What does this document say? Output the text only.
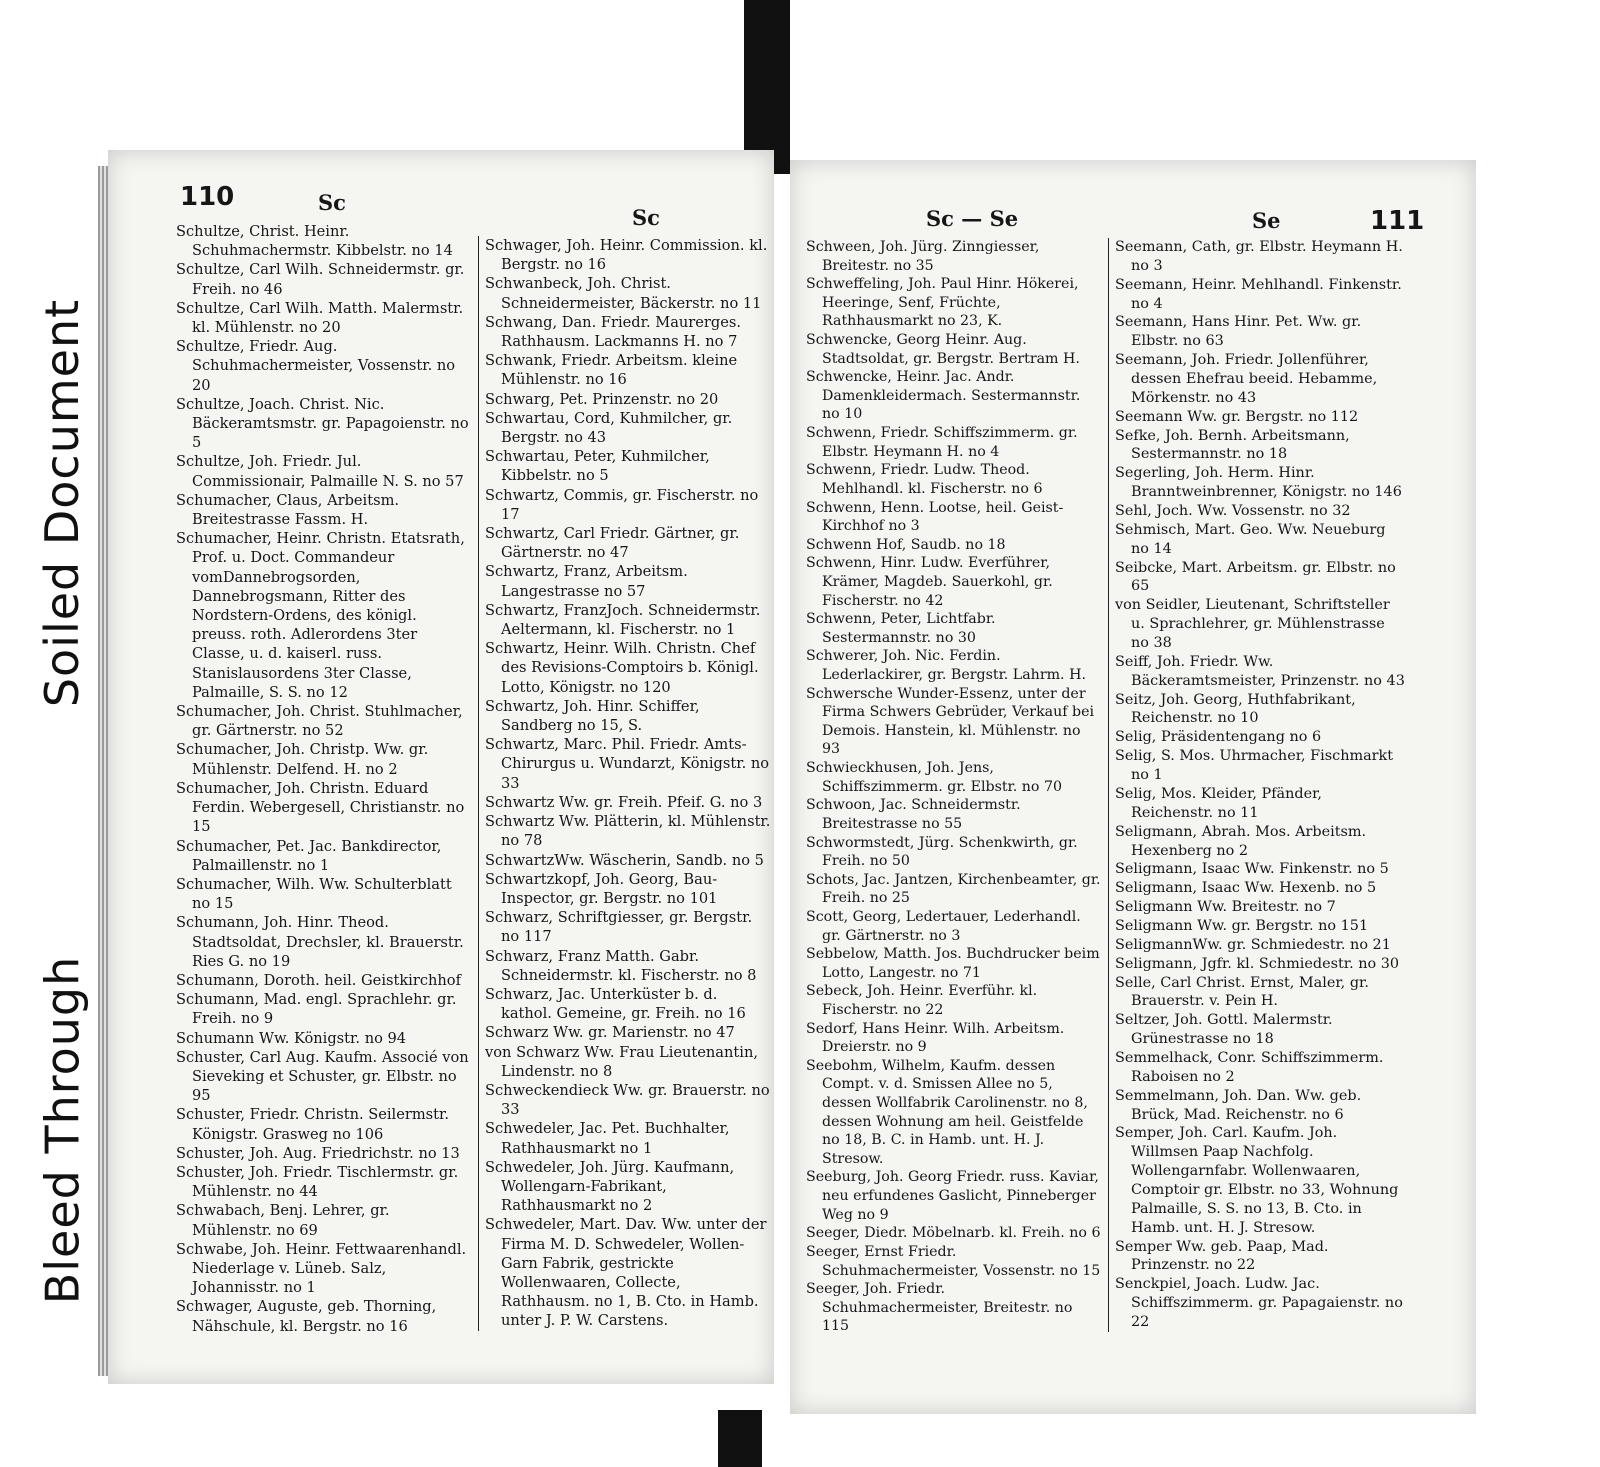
Soiled Document
Bleed Through
110	Sc
Sc

Schultze, Christ. Heinr. Schuhmachermstr. Kibbelstr. no 14

Schultze, Carl Wilh. Schneidermstr. gr. Freih. no 46

Schultze, Carl Wilh. Matth. Malermstr. kl. Mühlenstr. no 20

Schultze, Friedr. Aug. Schuhmachermeister, Vossenstr. no 20

Schultze, Joach. Christ. Nic. Bäckeramtsmstr. gr. Papagoienstr. no 5

Schultze, Joh. Friedr. Jul. Commissionair, Palmaille N. S. no 57

Schumacher, Claus, Arbeitsm. Breitestrasse Fassm. H.

Schumacher, Heinr. Christn. Etatsrath, Prof. u. Doct. Commandeur vomDannebrogsorden, Dannebrogsmann, Ritter des Nordstern-Ordens, des königl. preuss. roth. Adlerordens 3ter Classe, u. d. kaiserl. russ. Stanislausordens 3ter Classe, Palmaille, S. S. no 12

Schumacher, Joh. Christ. Stuhlmacher, gr. Gärtnerstr. no 52

Schumacher, Joh. Christp. Ww. gr. Mühlenstr. Delfend. H. no 2

Schumacher, Joh. Christn. Eduard Ferdin. Webergesell, Christianstr. no 15

Schumacher, Pet. Jac. Bankdirector, Palmaillenstr. no 1

Schumacher, Wilh. Ww. Schulterblatt no 15

Schumann, Joh. Hinr. Theod. Stadtsoldat, Drechsler, kl. Brauerstr. Ries G. no 19

Schumann, Doroth. heil. Geistkirchhof

Schumann, Mad. engl. Sprachlehr. gr. Freih. no 9

Schumann Ww. Königstr. no 94

Schuster, Carl Aug. Kaufm. Associé von Sieveking et Schuster, gr. Elbstr. no 95

Schuster, Friedr. Christn. Seilermstr. Königstr. Grasweg no 106

Schuster, Joh. Aug. Friedrichstr. no 13

Schuster, Joh. Friedr. Tischlermstr. gr. Mühlenstr. no 44

Schwabach, Benj. Lehrer, gr. Mühlenstr. no 69

Schwabe, Joh. Heinr. Fettwaarenhandl. Niederlage v. Lüneb. Salz, Johannisstr. no 1

Schwager, Auguste, geb. Thorning, Nähschule, kl. Bergstr. no 16

Schwager, Joh. Heinr. Commission. kl. Bergstr. no 16

Schwanbeck, Joh. Christ. Schneidermeister, Bäckerstr. no 11

Schwang, Dan. Friedr. Maurerges. Rathhausm. Lackmanns H. no 7

Schwank, Friedr. Arbeitsm. kleine Mühlenstr. no 16

Schwarg, Pet. Prinzenstr. no 20

Schwartau, Cord, Kuhmilcher, gr. Bergstr. no 43

Schwartau, Peter, Kuhmilcher, Kibbelstr. no 5

Schwartz, Commis, gr. Fischerstr. no 17

Schwartz, Carl Friedr. Gärtner, gr. Gärtnerstr. no 47

Schwartz, Franz, Arbeitsm. Langestrasse no 57

Schwartz, FranzJoch. Schneidermstr. Aeltermann, kl. Fischerstr. no 1

Schwartz, Heinr. Wilh. Christn. Chef des Revisions-Comptoirs b. Königl. Lotto, Königstr. no 120

Schwartz, Joh. Hinr. Schiffer, Sandberg no 15, S.

Schwartz, Marc. Phil. Friedr. Amts-Chirurgus u. Wundarzt, Königstr. no 33

Schwartz Ww. gr. Freih. Pfeif. G. no 3

Schwartz Ww. Plätterin, kl. Mühlenstr. no 78

SchwartzWw. Wäscherin, Sandb. no 5

Schwartzkopf, Joh. Georg, Bau-Inspector, gr. Bergstr. no 101

Schwarz, Schriftgiesser, gr. Bergstr. no 117

Schwarz, Franz Matth. Gabr. Schneidermstr. kl. Fischerstr. no 8

Schwarz, Jac. Unterküster b. d. kathol. Gemeine, gr. Freih. no 16

Schwarz Ww. gr. Marienstr. no 47

von Schwarz Ww. Frau Lieutenantin, Lindenstr. no 8

Schweckendieck Ww. gr. Brauerstr. no 33

Schwedeler, Jac. Pet. Buchhalter, Rathhausmarkt no 1

Schwedeler, Joh. Jürg. Kaufmann, Wollengarn-Fabrikant, Rathhausmarkt no 2

Schwedeler, Mart. Dav. Ww. unter der Firma M. D. Schwedeler, Wollen-Garn Fabrik, gestrickte Wollenwaaren, Collecte, Rathhausm. no 1, B. Cto. in Hamb. unter J. P. W. Carstens.

Sc — Se	Se	111

Schween, Joh. Jürg. Zinngiesser, Breitestr. no 35

Schweffeling, Joh. Paul Hinr. Hökerei, Heeringe, Senf, Früchte, Rathhausmarkt no 23, K.

Schwencke, Georg Heinr. Aug. Stadtsoldat, gr. Bergstr. Bertram H.

Schwencke, Heinr. Jac. Andr. Damenkleidermach. Sestermannstr. no 10

Schwenn, Friedr. Schiffszimmerm. gr. Elbstr. Heymann H. no 4

Schwenn, Friedr. Ludw. Theod. Mehlhandl. kl. Fischerstr. no 6

Schwenn, Henn. Lootse, heil. Geist-Kirchhof no 3

Schwenn Hof, Saudb. no 18

Schwenn, Hinr. Ludw. Everführer, Krämer, Magdeb. Sauerkohl, gr. Fischerstr. no 42

Schwenn, Peter, Lichtfabr. Sestermannstr. no 30

Schwerer, Joh. Nic. Ferdin. Lederlackirer, gr. Bergstr. Lahrm. H.

Schwersche Wunder-Essenz, unter der Firma Schwers Gebrüder, Verkauf bei Demois. Hanstein, kl. Mühlenstr. no 93

Schwieckhusen, Joh. Jens, Schiffszimmerm. gr. Elbstr. no 70

Schwoon, Jac. Schneidermstr. Breitestrasse no 55

Schwormstedt, Jürg. Schenkwirth, gr. Freih. no 50

Schots, Jac. Jantzen, Kirchenbeamter, gr. Freih. no 25

Scott, Georg, Ledertauer, Lederhandl. gr. Gärtnerstr. no 3

Sebbelow, Matth. Jos. Buchdrucker beim Lotto, Langestr. no 71

Sebeck, Joh. Heinr. Everführ. kl. Fischerstr. no 22

Sedorf, Hans Heinr. Wilh. Arbeitsm. Dreierstr. no 9

Seebohm, Wilhelm, Kaufm. dessen Compt. v. d. Smissen Allee no 5, dessen Wollfabrik Carolinenstr. no 8, dessen Wohnung am heil. Geistfelde no 18, B. C. in Hamb. unt. H. J. Stresow.

Seeburg, Joh. Georg Friedr. russ. Kaviar, neu erfundenes Gaslicht, Pinneberger Weg no 9

Seeger, Diedr. Möbelnarb. kl. Freih. no 6

Seeger, Ernst Friedr. Schuhmachermeister, Vossenstr. no 15

Seeger, Joh. Friedr. Schuhmachermeister, Breitestr. no 115

Seemann, Cath, gr. Elbstr. Heymann H. no 3

Seemann, Heinr. Mehlhandl. Finkenstr. no 4

Seemann, Hans Hinr. Pet. Ww. gr. Elbstr. no 63

Seemann, Joh. Friedr. Jollenführer, dessen Ehefrau beeid. Hebamme, Mörkenstr. no 43

Seemann Ww. gr. Bergstr. no 112

Sefke, Joh. Bernh. Arbeitsmann, Sestermannstr. no 18

Segerling, Joh. Herm. Hinr. Branntweinbrenner, Königstr. no 146

Sehl, Joch. Ww. Vossenstr. no 32

Sehmisch, Mart. Geo. Ww. Neueburg no 14

Seibcke, Mart. Arbeitsm. gr. Elbstr. no 65

von Seidler, Lieutenant, Schriftsteller u. Sprachlehrer, gr. Mühlenstrasse no 38

Seiff, Joh. Friedr. Ww. Bäckeramtsmeister, Prinzenstr. no 43

Seitz, Joh. Georg, Huthfabrikant, Reichenstr. no 10

Selig, Präsidentengang no 6

Selig, S. Mos. Uhrmacher, Fischmarkt no 1

Selig, Mos. Kleider, Pfänder, Reichenstr. no 11

Seligmann, Abrah. Mos. Arbeitsm. Hexenberg no 2

Seligmann, Isaac Ww. Finkenstr. no 5

Seligmann, Isaac Ww. Hexenb. no 5

Seligmann Ww. Breitestr. no 7

Seligmann Ww. gr. Bergstr. no 151

SeligmannWw. gr. Schmiedestr. no 21

Seligmann, Jgfr. kl. Schmiedestr. no 30

Selle, Carl Christ. Ernst, Maler, gr. Brauerstr. v. Pein H.

Seltzer, Joh. Gottl. Malermstr. Grünestrasse no 18

Semmelhack, Conr. Schiffszimmerm. Raboisen no 2

Semmelmann, Joh. Dan. Ww. geb. Brück, Mad. Reichenstr. no 6

Semper, Joh. Carl. Kaufm. Joh. Willmsen Paap Nachfolg. Wollengarnfabr. Wollenwaaren, Comptoir gr. Elbstr. no 33, Wohnung Palmaille, S. S. no 13, B. Cto. in Hamb. unt. H. J. Stresow.

Semper Ww. geb. Paap, Mad. Prinzenstr. no 22

Senckpiel, Joach. Ludw. Jac. Schiffszimmerm. gr. Papagaienstr. no 22
